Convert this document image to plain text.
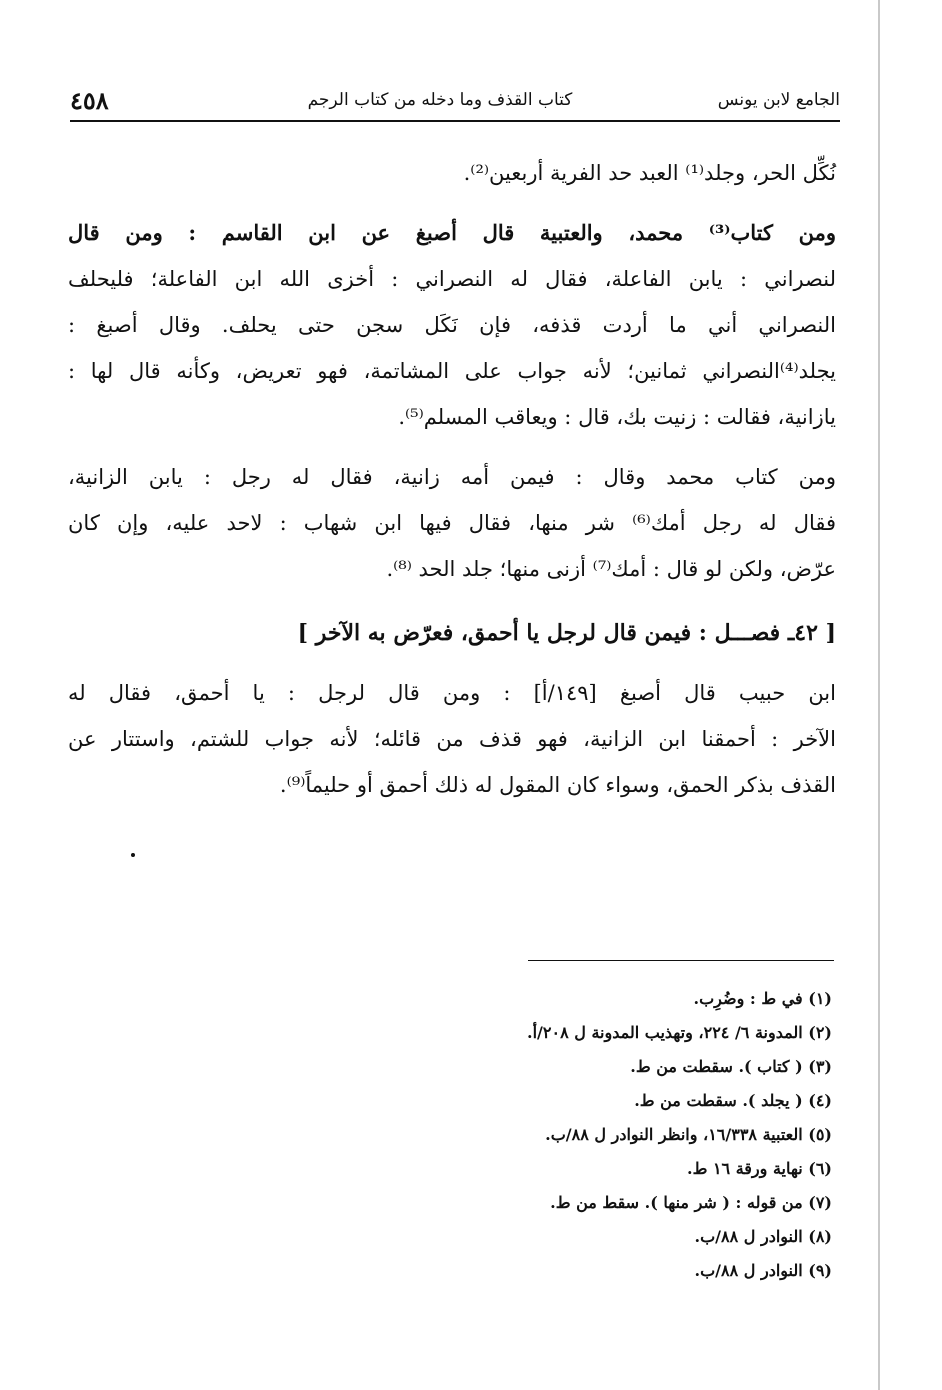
الجامع لابن يونس
كتاب القذف وما دخله من كتاب الرجم
٤٥٨

نُكِّل الحر، وجلد⁽¹⁾ العبد حد الفرية أربعين⁽²⁾.

ومن كتاب⁽³⁾ محمد، والعتبية قال أصبغ عن ابن القاسم : ومن قال
لنصراني : يابن الفاعلة، فقال له النصراني : أخزى الله ابن الفاعلة؛ فليحلف
النصراني أني ما أردت قذفه، فإن نَكَل سجن حتى يحلف. وقال أصبغ :
يجلد⁽⁴⁾النصراني ثمانين؛ لأنه جواب على المشاتمة، فهو تعريض، وكأنه قال لها :
يازانية، فقالت : زنيت بك، قال : ويعاقب المسلم⁽⁵⁾.

ومن كتاب محمد وقال : فيمن أمه زانية، فقال له رجل : يابن الزانية،
فقال له رجل أمك⁽⁶⁾ شر منها، فقال فيها ابن شهاب : لاحد عليه، وإن كان
عرّض، ولكن لو قال : أمك⁽⁷⁾ أزنى منها؛ جلد الحد ⁽⁸⁾.

[ ٤٢ـ فصـــل : فيمن قال لرجل يا أحمق، فعرّض به الآخر ]

ابن حبيب قال أصبغ [١٤٩/أ] : ومن قال لرجل : يا أحمق، فقال له
الآخر : أحمقنا ابن الزانية، فهو قذف من قائله؛ لأنه جواب للشتم، واستتار عن
القذف بذكر الحمق، وسواء كان المقول له ذلك أحمق أو حليماً⁽⁹⁾.

(١) في ط : وضُرِب.
(٢) المدونة ٦/ ٢٢٤، وتهذيب المدونة ل ٢٠٨/أ.
(٣) ( كتاب ). سقطت من ط.
(٤) ( يجلد ). سقطت من ط.
(٥) العتبية ١٦/٣٣٨، وانظر النوادر ل ٨٨/ب.
(٦) نهاية ورقة ١٦ ط.
(٧) من قوله : ( شر منها ). سقط من ط.
(٨) النوادر ل ٨٨/ب.
(٩) النوادر ل ٨٨/ب.
